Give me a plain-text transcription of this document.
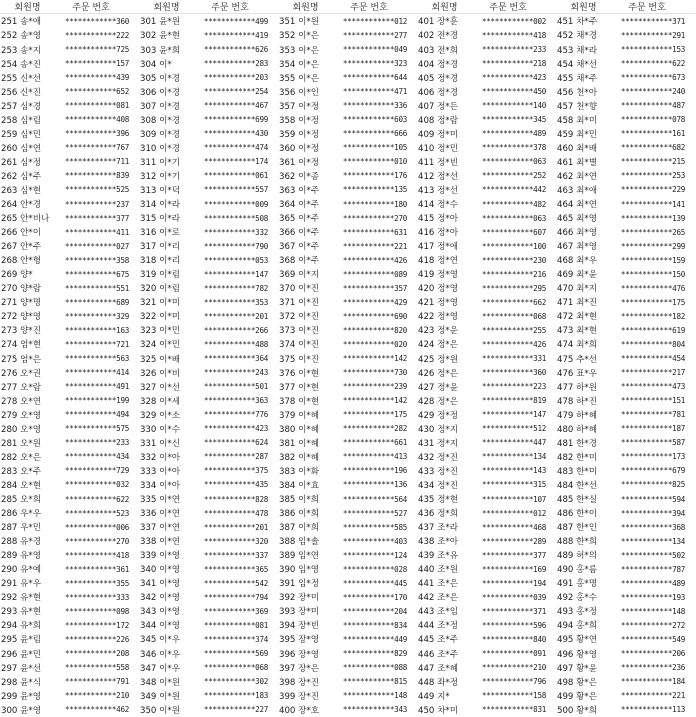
회원명	주문 번호
251 송*애	************360
252 송*영	************222
253 송*지	************725
254 송*진	************157
255 신*선	************439
256 신*진	************652
257 심*경	************081
258 심*림	************408
259 심*민	************396
260 심*연	************767
261 심*정	************711
262 심*주	************839
263 심*현	************525
264 안*경	************237
265 안*비나	************377
266 안*이	************411
267 안*주	************027
268 안*형	************358
269 양*	************675
270 양*람	************551
271 양*명	************689
272 양*영	************329
273 양*진	************163
274 엄*현	************721
275 엄*은	************563
276 오*권	************414
277 오*람	************491
278 오*연	************199
279 오*영	************494
280 오*영	************575
281 오*원	************233
282 오*은	************434
283 오*주	************729
284 오*현	************032
285 오*희	************622
286 우*우	************523
287 우*민	************006
288 유*경	************270
289 유*영	************418
290 유*예	************361
291 유*우	************355
292 유*현	************333
293 유*현	************098
294 유*희	************172
295 윤*림	************226
296 윤*민	************208
297 윤*선	************558
298 윤*식	************791
299 윤*영	************210
300 윤*영	************462
회원명	주문 번호
301 윤*원	************499
302 윤*현	************419
303 윤*희	************626
304 이*	************283
305 이*경	************203
306 이*경	************254
307 이*경	************467
308 이*경	************699
309 이*경	************430
310 이*경	************474
311 이*기	************174
312 이*기	************061
313 이*덕	************557
314 이*라	************009
315 이*라	************508
316 이*로	************332
317 이*리	************790
318 이*리	************053
319 이*림	************147
320 이*림	************782
321 이*미	************353
322 이*미	************201
323 이*민	************266
324 이*민	************488
325 이*배	************364
326 이*비	************243
327 이*선	************501
328 이*세	************363
329 이*소	************776
330 이*수	************423
331 이*신	************624
332 이*아	************287
333 이*아	************375
334 이*아	************435
335 이*연	************828
336 이*연	************478
337 이*연	************201
338 이*연	************320
339 이*영	************337
340 이*영	************365
341 이*영	************542
342 이*영	************794
343 이*영	************369
344 이*영	************081
345 이*우	************374
346 이*우	************569
347 이*우	************068
348 이*원	************302
349 이*원	************183
350 이*원	************227
회원명	주문 번호
351 이*원	************012
352 이*은	************277
353 이*은	************049
354 이*은	************323
355 이*은	************644
356 이*인	************471
357 이*정	************336
358 이*정	************603
359 이*정	************666
360 이*정	************105
361 이*정	************010
362 이*종	************176
363 이*주	************135
364 이*주	************180
365 이*주	************270
366 이*주	************631
367 이*주	************221
368 이*주	************426
369 이*지	************089
370 이*진	************357
371 이*진	************429
372 이*진	************690
373 이*진	************820
374 이*진	************020
375 이*진	************142
376 이*현	************730
377 이*현	************239
378 이*현	************142
379 이*혜	************175
380 이*혜	************282
381 이*혜	************661
382 이*혜	************413
383 이*화	************196
384 이*효	************136
385 이*희	************564
386 이*희	************527
387 이*희	************585
388 임*솔	************403
389 임*연	************124
390 임*영	************028
391 임*정	************445
392 장*미	************170
393 장*미	************204
394 장*빈	************834
395 장*영	************449
396 장*영	************829
397 장*은	************088
398 장*진	************815
399 장*진	************148
400 장*호	************343
회원명	주문 번호
401 장*훈	************002
402 전*경	************418
403 전*희	************233
404 정*경	************218
405 정*경	************423
406 정*경	************450
407 정*든	************140
408 정*람	************345
409 정*미	************489
410 정*민	************378
411 정*빈	************063
412 정*선	************252
413 정*선	************442
414 정*수	************482
415 정*아	************063
416 정*아	************607
417 정*애	************100
418 정*연	************230
419 정*영	************216
420 정*영	************295
421 정*영	************662
422 정*영	************068
423 정*운	************255
424 정*은	************426
425 정*원	************331
426 정*은	************360
427 정*윤	************223
428 정*은	************819
429 정*정	************147
430 정*지	************512
431 정*지	************447
432 정*진	************134
433 정*진	************143
434 정*진	************315
435 정*현	************107
436 정*희	************012
437 조*라	************468
438 조*아	************289
439 조*유	************377
440 조*원	************169
441 조*은	************194
442 조*은	************039
443 조*임	************371
444 조*정	************596
445 조*주	************840
446 조*주	************091
447 조*혜	************210
448 좌*정	************796
449 지*	************158
450 차*미	************831
회원명	주문 번호
451 차*주	************371
452 채*경	************291
453 채*라	************153
454 채*선	************622
455 채*주	************673
456 천*아	************240
457 천*향	************487
458 최*미	************078
459 최*민	************161
460 최*배	************682
461 최*별	************215
462 최*연	************253
463 최*애	************229
464 최*연	************141
465 최*영	************139
466 최*영	************265
467 최*영	************299
468 최*우	************159
469 최*윤	************150
470 최*지	************476
471 최*진	************175
472 최*현	************182
473 최*현	************619
474 최*희	************804
475 추*선	************454
476 표*우	************217
477 하*원	************473
478 하*진	************151
479 하*혜	************781
480 하*혜	************187
481 한*경	************587
482 한*미	************173
483 한*미	************679
484 한*선	************825
485 한*실	************594
486 한*이	************394
487 한*인	************368
488 한*희	************134
489 허*의	************502
490 홍*름	************787
491 홍*명	************489
492 홍*수	************193
493 홍*정	************148
494 홍*희	************272
495 황*연	************549
496 황*영	************206
497 황*윤	************236
498 황*은	************184
499 황*은	************221
500 황*희	************113
